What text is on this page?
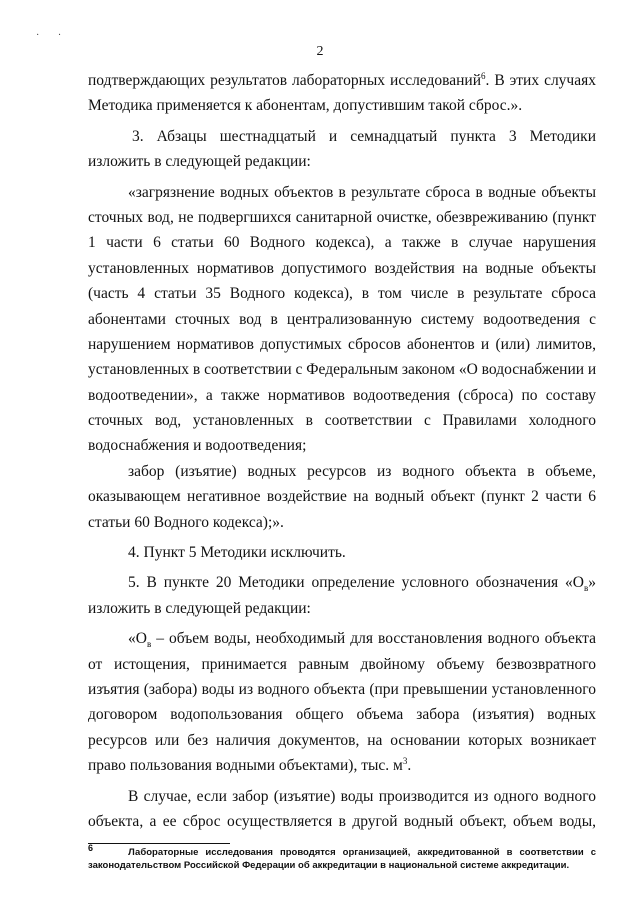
· ·
2
подтверждающих результатов лабораторных исследований$^6$. В этих случаях
Методика применяется к абонентам, допустившим такой сброс.».
3. Абзацы шестнадцатый и семнадцатый пункта 3 Методики
изложить в следующей редакции:
«загрязнение водных объектов в результате сброса в водные объекты
сточных вод, не подвергшихся санитарной очистке, обезвреживанию (пункт
1 части 6 статьи 60 Водного кодекса), а также в случае нарушения
установленных нормативов допустимого воздействия на водные объекты
(часть 4 статьи 35 Водного кодекса), в том числе в результате сброса
абонентами сточных вод в централизованную систему водоотведения с
нарушением нормативов допустимых сбросов абонентов и (или) лимитов,
установленных в соответствии с Федеральным законом «О водоснабжении и
водоотведении», а также нормативов водоотведения (сброса) по составу
сточных вод, установленных в соответствии с Правилами холодного
водоснабжения и водоотведения;
забор (изъятие) водных ресурсов из водного объекта в объеме,
оказывающем негативное воздействие на водный объект (пункт 2 части 6
статьи 60 Водного кодекса);».
4. Пункт 5 Методики исключить.
5. В пункте 20 Методики определение условного обозначения «$О_в$»
изложить в следующей редакции:
«$О_в$ – объем воды, необходимый для восстановления водного объекта
от истощения, принимается равным двойному объему безвозвратного
изъятия (забора) воды из водного объекта (при превышении установленного
договором водопользования общего объема забора (изъятия) водных
ресурсов или без наличия документов, на основании которых возникает
право пользования водными объектами), тыс. $м^3$.
В случае, если забор (изъятие) воды производится из одного водного
объекта, а ее сброс осуществляется в другой водный объект, объем воды,
$^6$	Лабораторные исследования проводятся организацией, аккредитованной в соответствии с
законодательством Российской Федерации об аккредитации в национальной системе аккредитации.
